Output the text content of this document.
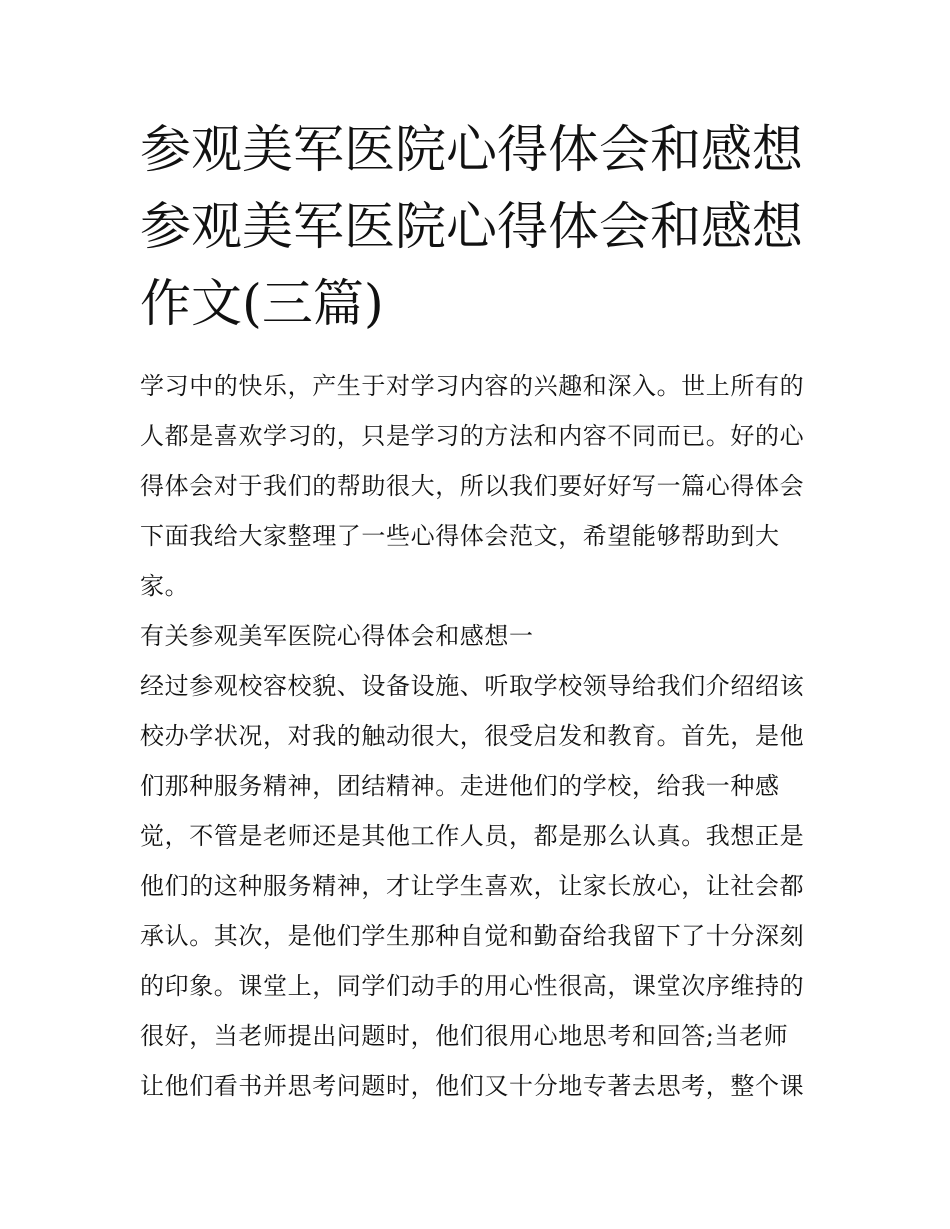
参观美军医院心得体会和感想
参观美军医院心得体会和感想
作文(三篇)
学习中的快乐，产生于对学习内容的兴趣和深入。世上所有的
人都是喜欢学习的，只是学习的方法和内容不同而已。好的心
得体会对于我们的帮助很大，所以我们要好好写一篇心得体会
下面我给大家整理了一些心得体会范文，希望能够帮助到大
家。
有关参观美军医院心得体会和感想一
经过参观校容校貌、设备设施、听取学校领导给我们介绍绍该
校办学状况，对我的触动很大，很受启发和教育。首先，是他
们那种服务精神，团结精神。走进他们的学校，给我一种感
觉，不管是老师还是其他工作人员，都是那么认真。我想正是
他们的这种服务精神，才让学生喜欢，让家长放心，让社会都
承认。其次，是他们学生那种自觉和勤奋给我留下了十分深刻
的印象。课堂上，同学们动手的用心性很高，课堂次序维持的
很好，当老师提出问题时，他们很用心地思考和回答;当老师
让他们看书并思考问题时，他们又十分地专著去思考，整个课
